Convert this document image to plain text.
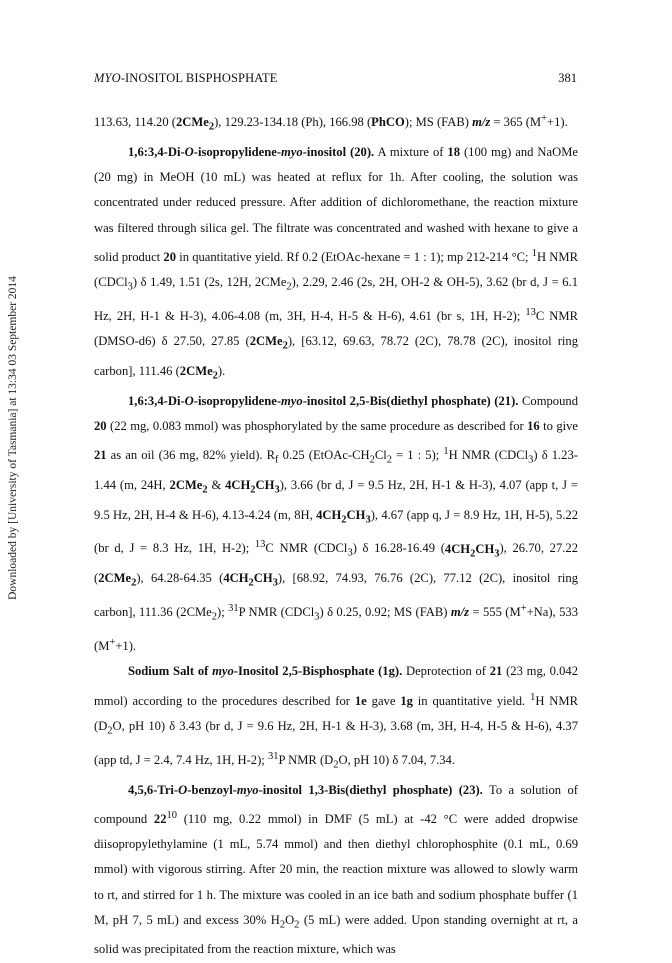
Downloaded by [University of Tasmania] at 13:34 03 September 2014
MYO-INOSITOL BISPHOSPHATE	381

113.63, 114.20 (2CMe$_2$), 129.23-134.18 (Ph), 166.98 (PhCO); MS (FAB) m/z = 365 (M++1).

1,6:3,4-Di-O-isopropylidene-myo-inositol (20). A mixture of 18 (100 mg) and NaOMe (20 mg) in MeOH (10 mL) was heated at reflux for 1h. After cooling, the solution was concentrated under reduced pressure. After addition of dichloromethane, the reaction mixture was filtered through silica gel. The filtrate was concentrated and washed with hexane to give a solid product 20 in quantitative yield. Rf 0.2 (EtOAc-hexane = 1 : 1); mp 212-214 °C; $^1$H NMR (CDCl$_3$) δ 1.49, 1.51 (2s, 12H, 2CMe$_2$), 2.29, 2.46 (2s, 2H, OH-2 & OH-5), 3.62 (br d, J = 6.1 Hz, 2H, H-1 & H-3), 4.06-4.08 (m, 3H, H-4, H-5 & H-6), 4.61 (br s, 1H, H-2); $^{13}$C NMR (DMSO-d6) δ 27.50, 27.85 (2CMe$_2$), [63.12, 69.63, 78.72 (2C), 78.78 (2C), inositol ring carbon], 111.46 (2CMe$_2$).

1,6:3,4-Di-O-isopropylidene-myo-inositol 2,5-Bis(diethyl phosphate) (21). Compound 20 (22 mg, 0.083 mmol) was phosphorylated by the same procedure as described for 16 to give 21 as an oil (36 mg, 82% yield). $R_f$ 0.25 ($EtOAc-CH_2Cl_2 = 1$ : 5); $^1$H NMR (CDCl$_3$) δ 1.23-1.44 (m, 24H, 2CMe$_2$ & $4CH_2CH_3$), 3.66 (br d, J = 9.5 Hz, 2H, H-1 & H-3), 4.07 (app t, J = 9.5 Hz, 2H, H-4 & H-6), 4.13-4.24 (m, 8H, $4CH_2CH_3$), 4.67 (app q, J = 8.9 Hz, 1H, H-5), 5.22 (br d, J = 8.3 Hz, 1H, H-2); $^{13}$C NMR (CDCl$_3$) δ 16.28-16.49 $(4CH_2CH_3)$, 26.70, 27.22 (2CMe$_2$), 64.28-64.35 $(4CH_2CH_3)$, [68.92, 74.93, 76.76 (2C), 77.12 (2C), inositol ring carbon], 111.36 (2CMe$_2$); $^{31}$P NMR (CDCl$_3$) δ 0.25, 0.92; MS (FAB) m/z = 555 (M++Na), 533 (M++1).

Sodium Salt of myo-Inositol 2,5-Bisphosphate (1g). Deprotection of 21 (23 mg, 0.042 mmol) according to the procedures described for 1e gave 1g in quantitative yield. $^1$H NMR ($D_2O$, pH 10) δ 3.43 (br d, J = 9.6 Hz, 2H, H-1 & H-3), 3.68 (m, 3H, H-4, H-5 & H-6), 4.37 (app td, J = 2.4, 7.4 Hz, 1H, H-2); $^{31}$P NMR ($D_2O$, pH 10) δ 7.04, 7.34.

4,5,6-Tri-O-benzoyl-myo-inositol 1,3-Bis(diethyl phosphate) (23). To a solution of compound $22^{10}$ (110 mg, 0.22 mmol) in DMF (5 mL) at -42 °C were added dropwise diisopropylethylamine (1 mL, 5.74 mmol) and then diethyl chlorophosphite (0.1 mL, 0.69 mmol) with vigorous stirring. After 20 min, the reaction mixture was allowed to slowly warm to rt, and stirred for 1 h. The mixture was cooled in an ice bath and sodium phosphate buffer (1 M, pH 7, 5 mL) and excess 30% $H_2O_2$ (5 mL) were added. Upon standing overnight at rt, a solid was precipitated from the reaction mixture, which was
